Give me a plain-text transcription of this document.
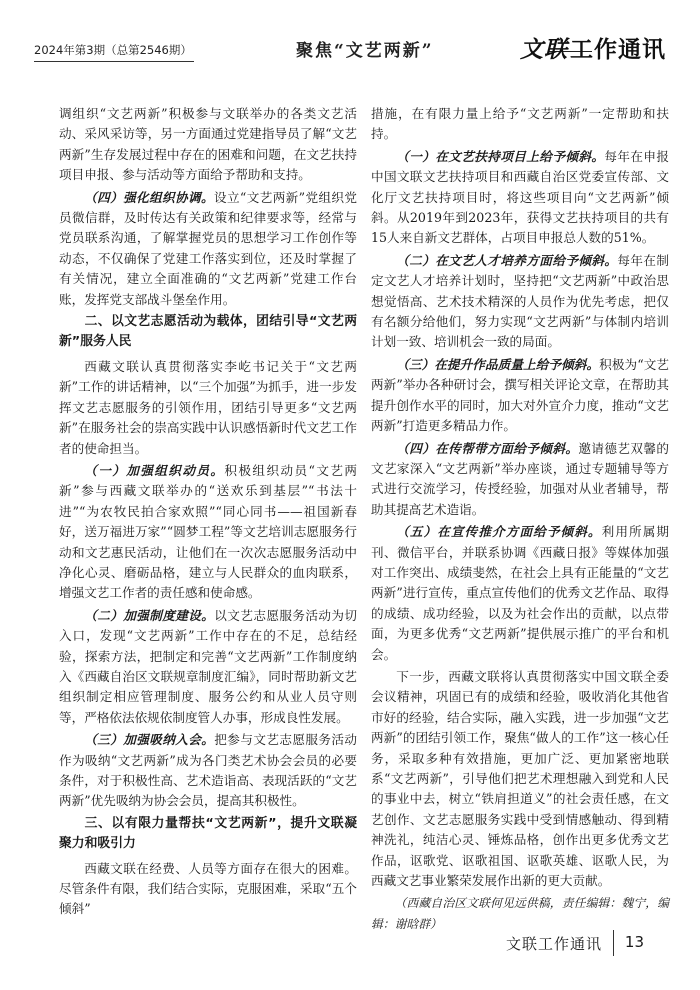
2024年第3期（总第2546期）	聚焦“文艺两新”	文联工作通讯

调组织“文艺两新”积极参与文联举办的各类文艺活动、采风采访等，另一方面通过党建指导员了解“文艺两新”生存发展过程中存在的困难和问题，在文艺扶持项目申报、参与活动等方面给予帮助和支持。

（四）强化组织协调。设立“文艺两新”党组织党员微信群，及时传达有关政策和纪律要求等，经常与党员联系沟通，了解掌握党员的思想学习工作创作等动态，不仅确保了党建工作落实到位，还及时掌握了有关情况，建立全面准确的“文艺两新”党建工作台账，发挥党支部战斗堡垒作用。

二、以文艺志愿活动为载体，团结引导“文艺两新”服务人民

西藏文联认真贯彻落实李屹书记关于“文艺两新”工作的讲话精神，以“三个加强”为抓手，进一步发挥文艺志愿服务的引领作用，团结引导更多“文艺两新”在服务社会的崇高实践中认识感悟新时代文艺工作者的使命担当。

（一）加强组织动员。积极组织动员“文艺两新”参与西藏文联举办的“送欢乐到基层”“书法十进”“为农牧民拍合家欢照”“同心同书——祖国新春好，送万福进万家”“圆梦工程”等文艺培训志愿服务行动和文艺惠民活动，让他们在一次次志愿服务活动中净化心灵、磨砺品格，建立与人民群众的血肉联系，增强文艺工作者的责任感和使命感。

（二）加强制度建设。以文艺志愿服务活动为切入口，发现“文艺两新”工作中存在的不足，总结经验，探索方法，把制定和完善“文艺两新”工作制度纳入《西藏自治区文联规章制度汇编》，同时帮助新文艺组织制定相应管理制度、服务公约和从业人员守则等，严格依法依规依制度管人办事，形成良性发展。

（三）加强吸纳入会。把参与文艺志愿服务活动作为吸纳“文艺两新”成为各门类艺术协会会员的必要条件，对于积极性高、艺术造诣高、表现活跃的“文艺两新”优先吸纳为协会会员，提高其积极性。

三、以有限力量帮扶“文艺两新”，提升文联凝聚力和吸引力

西藏文联在经费、人员等方面存在很大的困难。尽管条件有限，我们结合实际，克服困难，采取“五个倾斜”

措施，在有限力量上给予“文艺两新”一定帮助和扶持。

（一）在文艺扶持项目上给予倾斜。每年在申报中国文联文艺扶持项目和西藏自治区党委宣传部、文化厅文艺扶持项目时，将这些项目向“文艺两新”倾斜。从2019年到2023年，获得文艺扶持项目的共有15人来自新文艺群体，占项目申报总人数的51%。

（二）在文艺人才培养方面给予倾斜。每年在制定文艺人才培养计划时，坚持把“文艺两新”中政治思想觉悟高、艺术技术精深的人员作为优先考虑，把仅有名额分给他们，努力实现“文艺两新”与体制内培训计划一致、培训机会一致的局面。

（三）在提升作品质量上给予倾斜。积极为“文艺两新”举办各种研讨会，撰写相关评论文章，在帮助其提升创作水平的同时，加大对外宣介力度，推动“文艺两新”打造更多精品力作。

（四）在传帮带方面给予倾斜。邀请德艺双馨的文艺家深入“文艺两新”举办座谈，通过专题辅导等方式进行交流学习，传授经验，加强对从业者辅导，帮助其提高艺术造诣。

（五）在宣传推介方面给予倾斜。利用所属期刊、微信平台，并联系协调《西藏日报》等媒体加强对工作突出、成绩斐然，在社会上具有正能量的“文艺两新”进行宣传，重点宣传他们的优秀文艺作品、取得的成绩、成功经验，以及为社会作出的贡献，以点带面，为更多优秀“文艺两新”提供展示推广的平台和机会。

下一步，西藏文联将认真贯彻落实中国文联全委会议精神，巩固已有的成绩和经验，吸收消化其他省市好的经验，结合实际，融入实践，进一步加强“文艺两新”的团结引领工作，聚焦“做人的工作”这一核心任务，采取多种有效措施，更加广泛、更加紧密地联系“文艺两新”，引导他们把艺术理想融入到党和人民的事业中去，树立“铁肩担道义”的社会责任感，在文艺创作、文艺志愿服务实践中受到情感触动、得到精神洗礼，纯洁心灵、锤炼品格，创作出更多优秀文艺作品，讴歌党、讴歌祖国、讴歌英雄、讴歌人民，为西藏文艺事业繁荣发展作出新的更大贡献。

（西藏自治区文联何见远供稿，责任编辑：魏宁，编辑：谢晗群）

文联工作通讯 13
